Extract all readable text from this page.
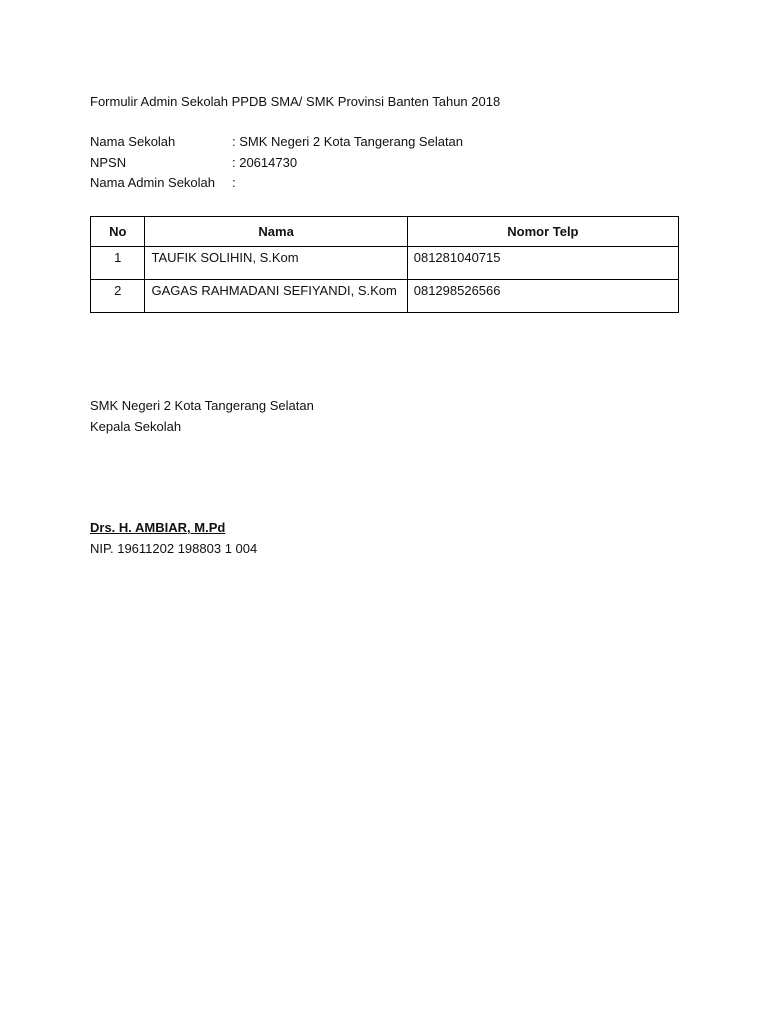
Formulir Admin Sekolah PPDB SMA/ SMK Provinsi Banten Tahun 2018
Nama Sekolah	: SMK Negeri 2 Kota Tangerang Selatan
NPSN	: 20614730
Nama Admin Sekolah :
No	Nama	Nomor Telp
1	TAUFIK SOLIHIN, S.Kom	081281040715
2	GAGAS RAHMADANI SEFIYANDI, S.Kom	081298526566
SMK Negeri 2 Kota Tangerang Selatan
Kepala Sekolah
Drs. H. AMBIAR, M.Pd
NIP. 19611202 198803 1 004
